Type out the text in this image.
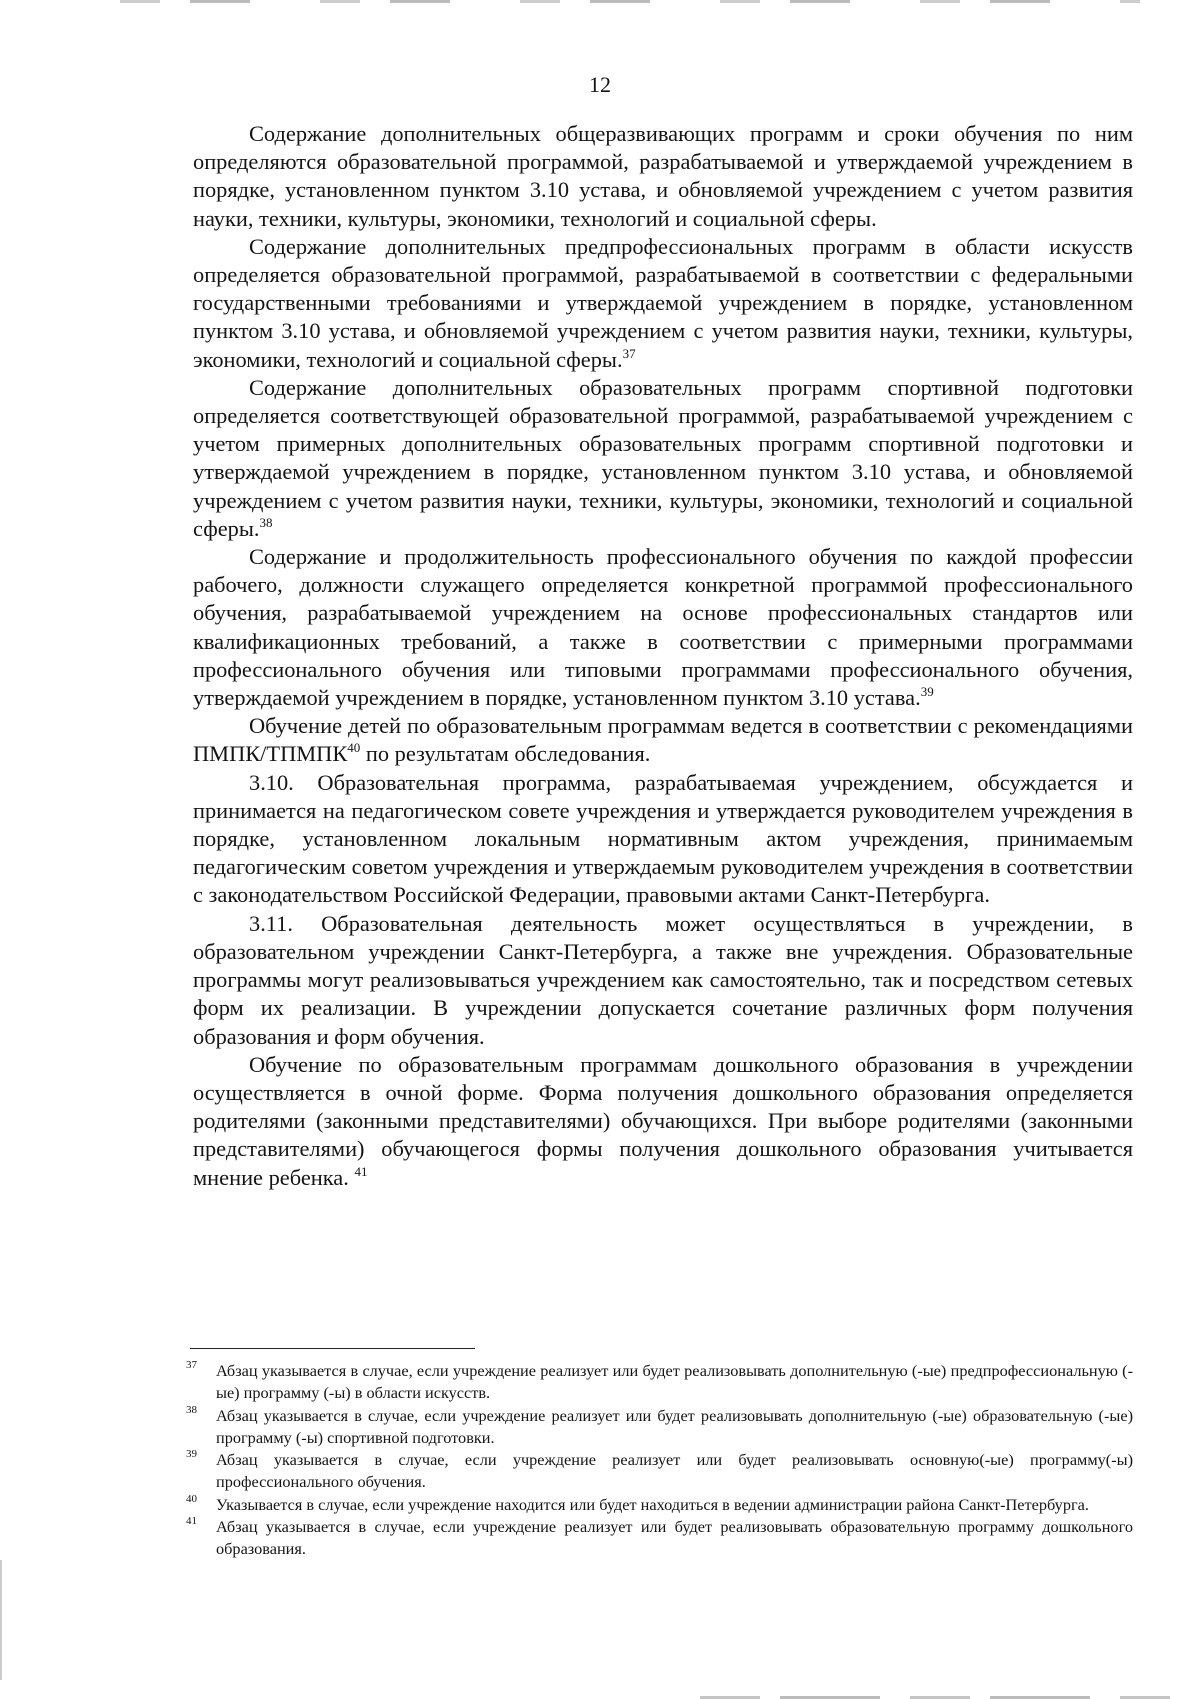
12

Содержание дополнительных общеразвивающих программ и сроки обучения по ним определяются образовательной программой, разрабатываемой и утверждаемой учреждением в порядке, установленном пунктом 3.10 устава, и обновляемой учреждением с учетом развития науки, техники, культуры, экономики, технологий и социальной сферы.

Содержание дополнительных предпрофессиональных программ в области искусств определяется образовательной программой, разрабатываемой в соответствии с федеральными государственными требованиями и утверждаемой учреждением в порядке, установленном пунктом 3.10 устава, и обновляемой учреждением с учетом развития науки, техники, культуры, экономики, технологий и социальной сферы.$^{37}$

Содержание дополнительных образовательных программ спортивной подготовки определяется соответствующей образовательной программой, разрабатываемой учреждением с учетом примерных дополнительных образовательных программ спортивной подготовки и утверждаемой учреждением в порядке, установленном пунктом 3.10 устава, и обновляемой учреждением с учетом развития науки, техники, культуры, экономики, технологий и социальной сферы.$^{38}$

Содержание и продолжительность профессионального обучения по каждой профессии рабочего, должности служащего определяется конкретной программой профессионального обучения, разрабатываемой учреждением на основе профессиональных стандартов или квалификационных требований, а также в соответствии с примерными программами профессионального обучения или типовыми программами профессионального обучения, утверждаемой учреждением в порядке, установленном пунктом 3.10 устава.$^{39}$

Обучение детей по образовательным программам ведется в соответствии с рекомендациями ПМПК/ТПМПК$^{40}$ по результатам обследования.

3.10. Образовательная программа, разрабатываемая учреждением, обсуждается и принимается на педагогическом совете учреждения и утверждается руководителем учреждения в порядке, установленном локальным нормативным актом учреждения, принимаемым педагогическим советом учреждения и утверждаемым руководителем учреждения в соответствии с законодательством Российской Федерации, правовыми актами Санкт-Петербурга.

3.11. Образовательная деятельность может осуществляться в учреждении, в образовательном учреждении Санкт-Петербурга, а также вне учреждения. Образовательные программы могут реализовываться учреждением как самостоятельно, так и посредством сетевых форм их реализации. В учреждении допускается сочетание различных форм получения образования и форм обучения.

Обучение по образовательным программам дошкольного образования в учреждении осуществляется в очной форме. Форма получения дошкольного образования определяется родителями (законными представителями) обучающихся. При выборе родителями (законными представителями) обучающегося формы получения дошкольного образования учитывается мнение ребенка. $^{41}$

37 Абзац указывается в случае, если учреждение реализует или будет реализовывать дополнительную (-ые) предпрофессиональную (-ые) программу (-ы) в области искусств.

38 Абзац указывается в случае, если учреждение реализует или будет реализовывать дополнительную (-ые) образовательную (-ые) программу (-ы) спортивной подготовки.

39 Абзац указывается в случае, если учреждение реализует или будет реализовывать основную(-ые) программу(-ы) профессионального обучения.

40 Указывается в случае, если учреждение находится или будет находиться в ведении администрации района Санкт-Петербурга.

41 Абзац указывается в случае, если учреждение реализует или будет реализовывать образовательную программу дошкольного образования.
